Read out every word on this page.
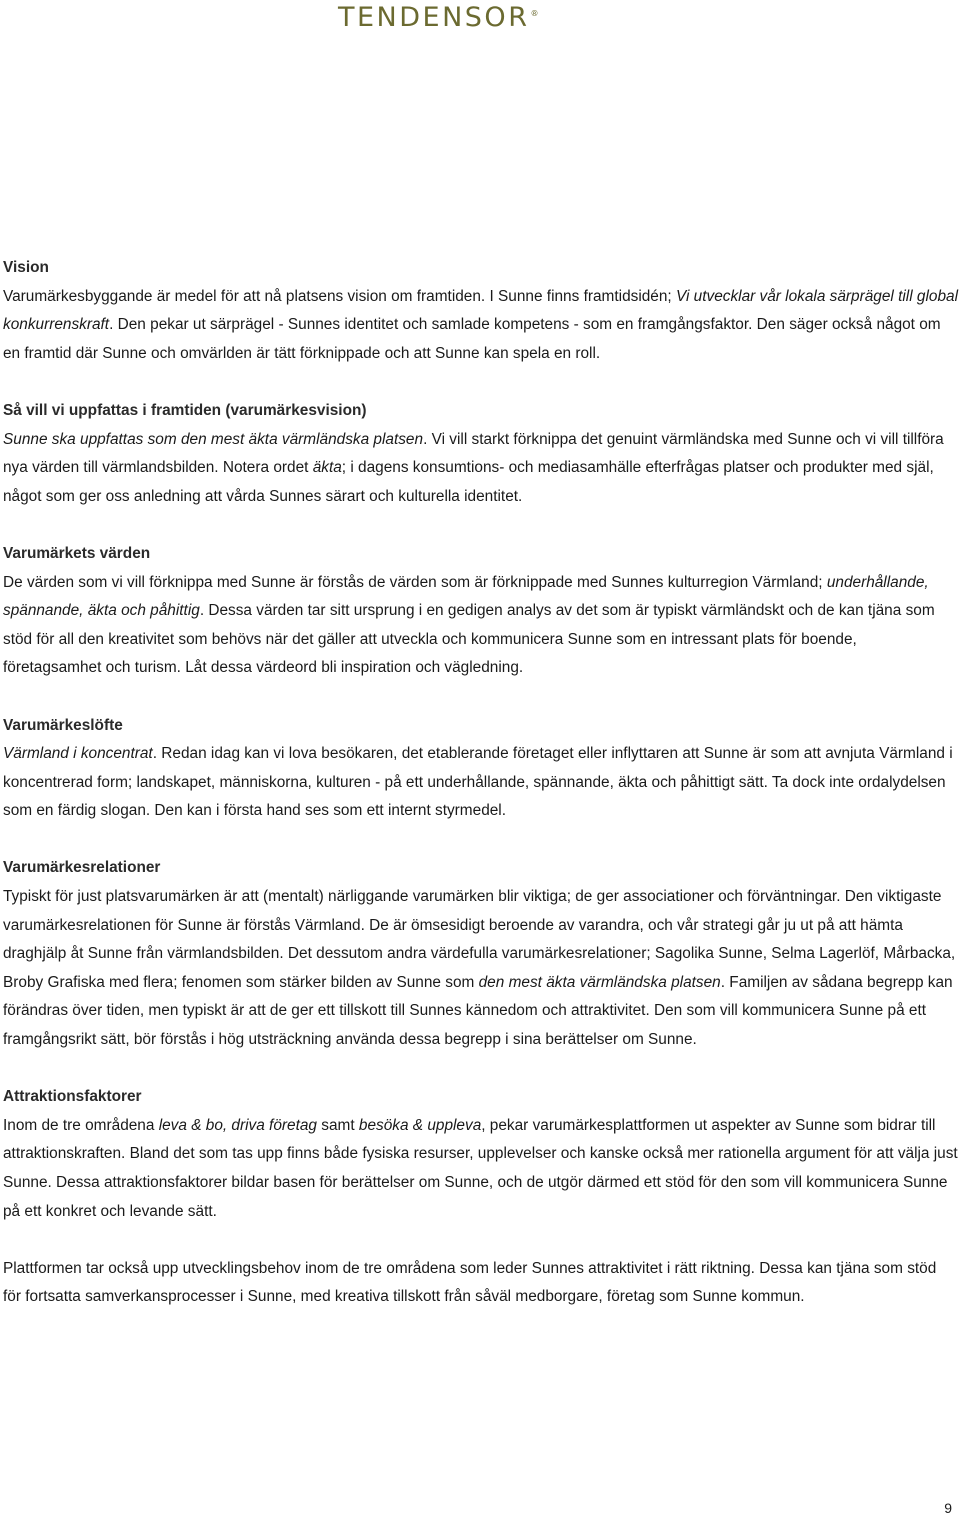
TENDENSOR®

Vision

Varumärkesbyggande är medel för att nå platsens vision om framtiden. I Sunne finns framtidsidén; Vi utvecklar vår lokala särprägel till global konkurrenskraft. Den pekar ut särprägel - Sunnes identitet och samlade kompetens - som en framgångsfaktor. Den säger också något om en framtid där Sunne och omvärlden är tätt förknippade och att Sunne kan spela en roll.

Så vill vi uppfattas i framtiden (varumärkesvision)

Sunne ska uppfattas som den mest äkta värmländska platsen. Vi vill starkt förknippa det genuint värmländska med Sunne och vi vill tillföra nya värden till värmlandsbilden. Notera ordet äkta; i dagens konsumtions- och mediasamhälle efterfrågas platser och produkter med själ, något som ger oss anledning att vårda Sunnes särart och kulturella identitet.

Varumärkets värden

De värden som vi vill förknippa med Sunne är förstås de värden som är förknippade med Sunnes kulturregion Värmland; underhållande, spännande, äkta och påhittig. Dessa värden tar sitt ursprung i en gedigen analys av det som är typiskt värmländskt och de kan tjäna som stöd för all den kreativitet som behövs när det gäller att utveckla och kommunicera Sunne som en intressant plats för boende, företagsamhet och turism. Låt dessa värdeord bli inspiration och vägledning.

Varumärkeslöfte

Värmland i koncentrat. Redan idag kan vi lova besökaren, det etablerande företaget eller inflyttaren att Sunne är som att avnjuta Värmland i koncentrerad form; landskapet, människorna, kulturen - på ett underhållande, spännande, äkta och påhittigt sätt. Ta dock inte ordalydelsen som en färdig slogan. Den kan i första hand ses som ett internt styrmedel.

Varumärkesrelationer

Typiskt för just platsvarumärken är att (mentalt) närliggande varumärken blir viktiga; de ger associationer och förväntningar. Den viktigaste varumärkesrelationen för Sunne är förstås Värmland. De är ömsesidigt beroende av varandra, och vår strategi går ju ut på att hämta draghjälp åt Sunne från värmlandsbilden. Det dessutom andra värdefulla varumärkesrelationer; Sagolika Sunne, Selma Lagerlöf, Mårbacka, Broby Grafiska med flera; fenomen som stärker bilden av Sunne som den mest äkta värmländska platsen. Familjen av sådana begrepp kan förändras över tiden, men typiskt är att de ger ett tillskott till Sunnes kännedom och attraktivitet. Den som vill kommunicera Sunne på ett framgångsrikt sätt, bör förstås i hög utsträckning använda dessa begrepp i sina berättelser om Sunne.

Attraktionsfaktorer

Inom de tre områdena leva & bo, driva företag samt besöka & uppleva, pekar varumärkesplattformen ut aspekter av Sunne som bidrar till attraktionskraften. Bland det som tas upp finns både fysiska resurser, upplevelser och kanske också mer rationella argument för att välja just Sunne. Dessa attraktionsfaktorer bildar basen för berättelser om Sunne, och de utgör därmed ett stöd för den som vill kommunicera Sunne på ett konkret och levande sätt.

Plattformen tar också upp utvecklingsbehov inom de tre områdena som leder Sunnes attraktivitet i rätt riktning. Dessa kan tjäna som stöd för fortsatta samverkansprocesser i Sunne, med kreativa tillskott från såväl medborgare, företag som Sunne kommun.

9
